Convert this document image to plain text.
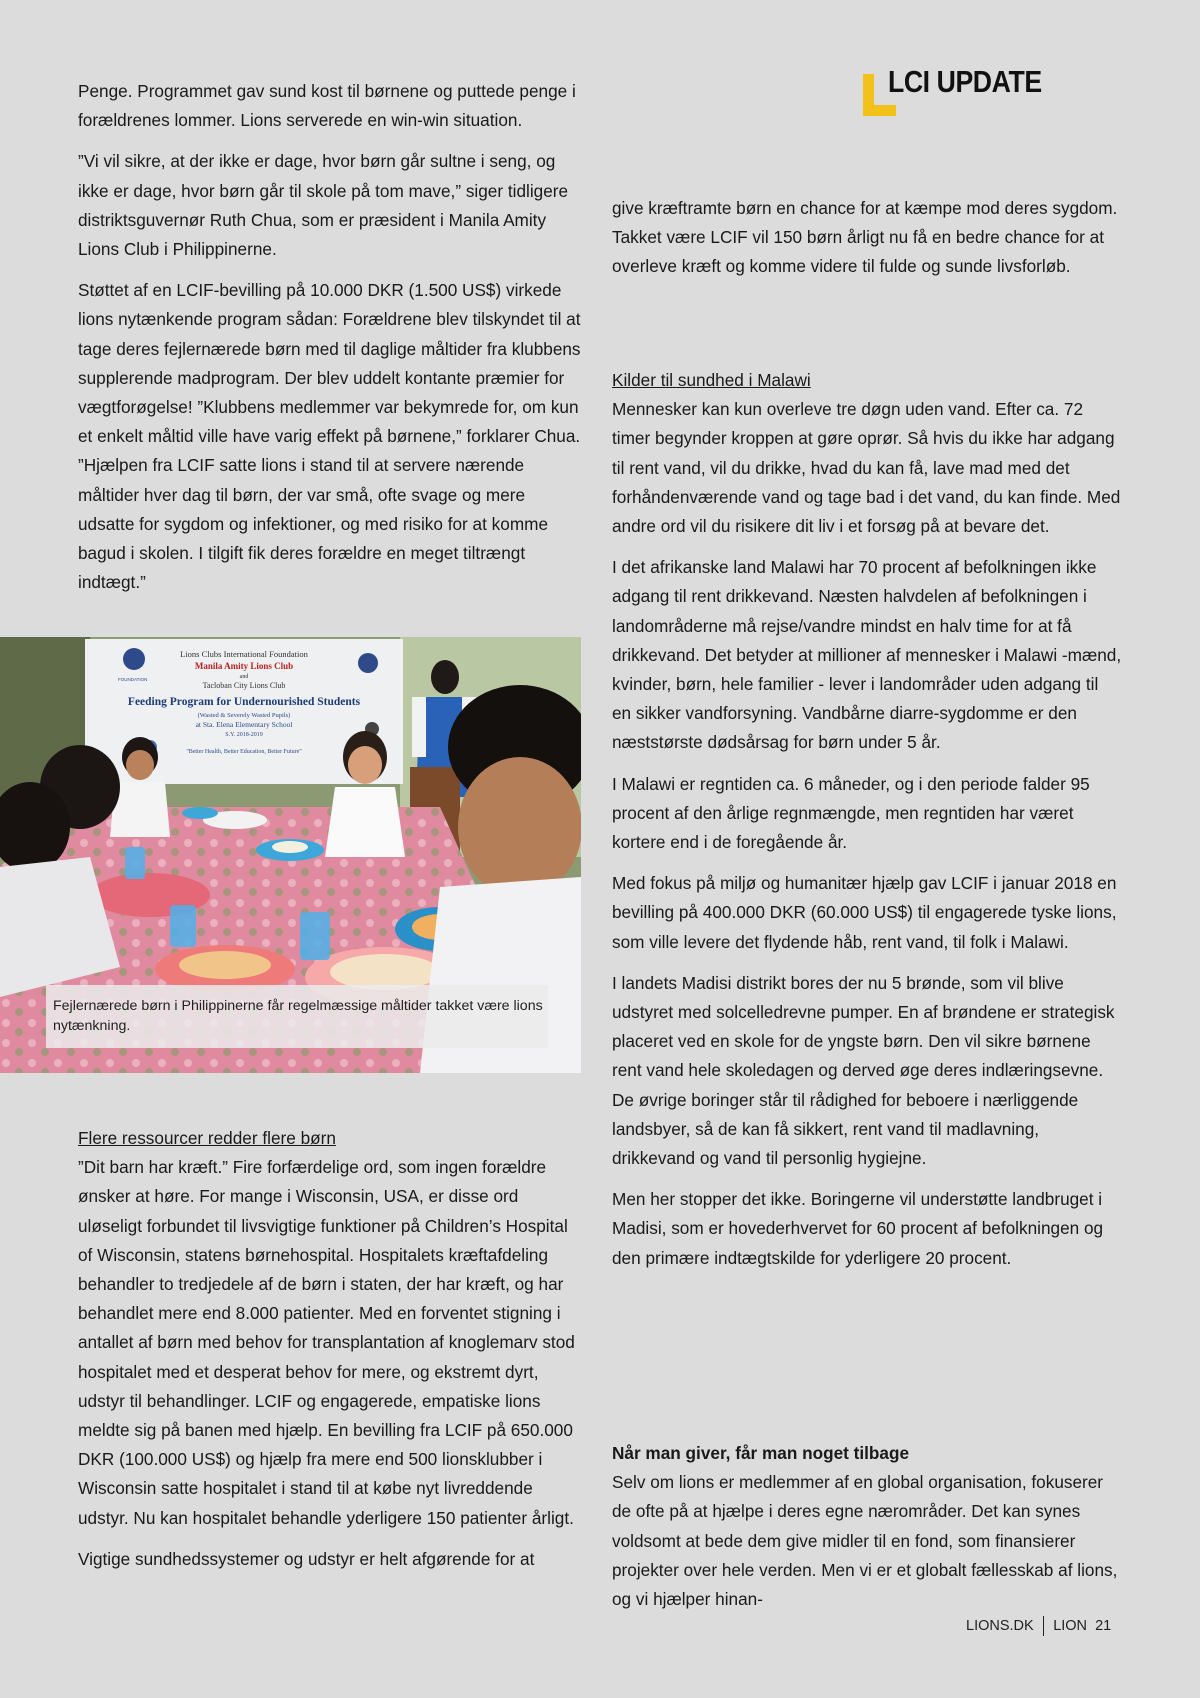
LCI UPDATE

Penge. Programmet gav sund kost til børnene og puttede penge i forældrenes lommer. Lions serverede en win-win situation.

”Vi vil sikre, at der ikke er dage, hvor børn går sultne i seng, og ikke er dage, hvor børn går til skole på tom mave,” siger tidligere distriktsguvernør Ruth Chua, som er præsident i Manila Amity Lions Club i Philippinerne.

Støttet af en LCIF-bevilling på 10.000 DKR (1.500 US$) virkede lions nytænkende program sådan: Forældrene blev tilskyndet til at tage deres fejlernærede børn med til daglige måltider fra klubbens supplerende madprogram. Der blev uddelt kontante præmier for vægtforøgelse! ”Klubbens medlemmer var bekymrede for, om kun et enkelt måltid ville have varig effekt på børnene,” forklarer Chua. ”Hjælpen fra LCIF satte lions i stand til at servere nærende måltider hver dag til børn, der var små, ofte svage og mere udsatte for sygdom og infektioner, og med risiko for at komme bagud i skolen. I tilgift fik deres forældre en meget tiltrængt indtægt.”

FOUNDATION
Lions Clubs International Foundation
Manila Amity Lions Club
and
Tacloban City Lions Club
Feeding Program for Undernourished Students
(Wasted & Severely Wasted Pupils)
at Sta. Elena Elementary School
S.Y. 2018-2019
"Better Health, Better Education, Better Future"
Fejlernærede børn i Philippinerne får regelmæssige måltider takket være lions nytænkning.
Flere ressourcer redder flere børn

”Dit barn har kræft.” Fire forfærdelige ord, som ingen forældre ønsker at høre. For mange i Wisconsin, USA, er disse ord uløseligt forbundet til livsvigtige funktioner på Children’s Hospital of Wisconsin, statens børnehospital. Hospitalets kræftafdeling behandler to tredjedele af de børn i staten, der har kræft, og har behandlet mere end 8.000 patienter. Med en forventet stigning i antallet af børn med behov for transplantation af knoglemarv stod hospitalet med et desperat behov for mere, og ekstremt dyrt, udstyr til behandlinger. LCIF og engagerede, empatiske lions meldte sig på banen med hjælp. En bevilling fra LCIF på 650.000 DKR (100.000 US$) og hjælp fra mere end 500 lionsklubber i Wisconsin satte hospitalet i stand til at købe nyt livreddende udstyr. Nu kan hospitalet behandle yderligere 150 patienter årligt.

Vigtige sundhedssystemer og udstyr er helt afgørende for at

give kræftramte børn en chance for at kæmpe mod deres sygdom. Takket være LCIF vil 150 børn årligt nu få en bedre chance for at overleve kræft og komme videre til fulde og sunde livsforløb.

Kilder til sundhed i Malawi

Mennesker kan kun overleve tre døgn uden vand. Efter ca. 72 timer begynder kroppen at gøre oprør. Så hvis du ikke har adgang til rent vand, vil du drikke, hvad du kan få, lave mad med det forhåndenværende vand og tage bad i det vand, du kan finde. Med andre ord vil du risikere dit liv i et forsøg på at bevare det.

I det afrikanske land Malawi har 70 procent af befolkningen ikke adgang til rent drikkevand. Næsten halvdelen af befolkningen i landområderne må rejse/vandre mindst en halv time for at få drikkevand. Det betyder at millioner af mennesker i Malawi -mænd, kvinder, børn, hele familier - lever i landområder uden adgang til en sikker vandforsyning. Vandbårne diarre-sygdomme er den næststørste dødsårsag for børn under 5 år.

I Malawi er regntiden ca. 6 måneder, og i den periode falder 95 procent af den årlige regnmængde, men regntiden har været kortere end i de foregående år.

Med fokus på miljø og humanitær hjælp gav LCIF i januar 2018 en bevilling på 400.000 DKR (60.000 US$) til engagerede tyske lions, som ville levere det flydende håb, rent vand, til folk i Malawi.

I landets Madisi distrikt bores der nu 5 brønde, som vil blive udstyret med solcelledrevne pumper. En af brøndene er strategisk placeret ved en skole for de yngste børn. Den vil sikre børnene rent vand hele skoledagen og derved øge deres indlæringsevne. De øvrige boringer står til rådighed for beboere i nærliggende landsbyer, så de kan få sikkert, rent vand til madlavning, drikkevand og vand til personlig hygiejne.

Men her stopper det ikke. Boringerne vil understøtte landbruget i Madisi, som er hovederhvervet for 60 procent af befolkningen og den primære indtægtskilde for yderligere 20 procent.

Når man giver, får man noget tilbage

Selv om lions er medlemmer af en global organisation, fokuserer de ofte på at hjælpe i deres egne nærområder. Det kan synes voldsomt at bede dem give midler til en fond, som finansierer projekter over hele verden. Men vi er et globalt fællesskab af lions, og vi hjælper hinan-

LIONS.DK LION 21
